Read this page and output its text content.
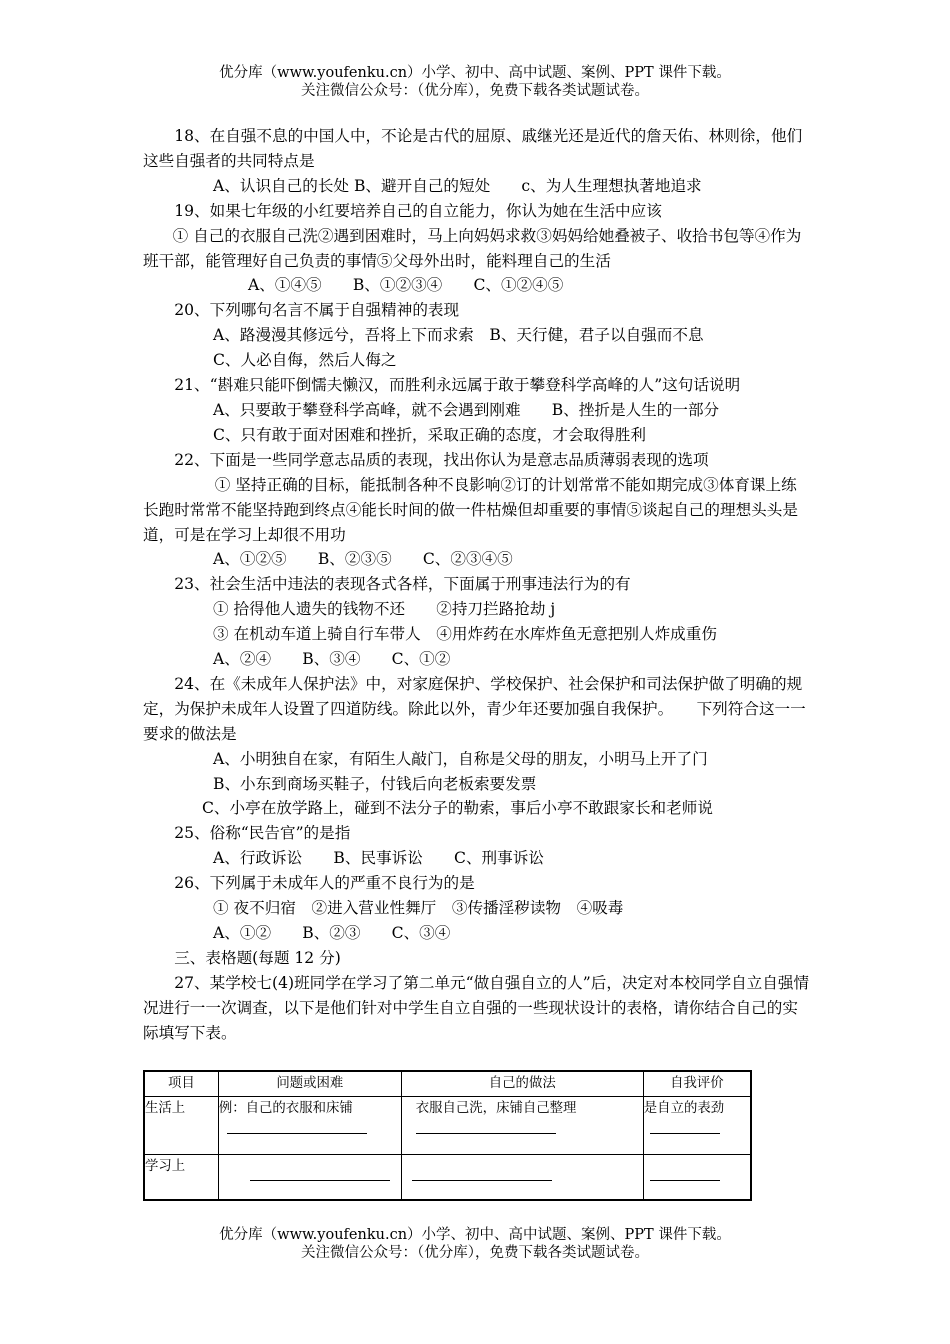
优分库（www.youfenku.cn）小学、初中、高中试题、案例、PPT 课件下载。
关注微信公众号：（优分库），免费下载各类试题试卷。

18、在自强不息的中国人中，不论是古代的屈原、戚继光还是近代的詹天佑、林则徐，他们这些自强者的共同特点是

A、认识自己的长处 B、避开自己的短处　　c、为人生理想执著地追求

19、如果七年级的小红要培养自己的自立能力，你认为她在生活中应该

① 自己的衣服自己洗②遇到困难时，马上向妈妈求救③妈妈给她叠被子、收拾书包等④作为班干部，能管理好自己负责的事情⑤父母外出时，能料理自己的生活

A、①④⑤　　B、①②③④　　C、①②④⑤

20、下列哪句名言不属于自强精神的表现

A、路漫漫其修远兮，吾将上下而求索　B、天行健，君子以自强而不息

C、人必自侮，然后人侮之

21、“斟难只能吓倒懦夫懒汉，而胜利永远属于敢于攀登科学高峰的人”这句话说明

A、只要敢于攀登科学高峰，就不会遇到刚难　　B、挫折是人生的一部分

C、只有敢于面对困难和挫折，采取正确的态度，才会取得胜利

22、下面是一些同学意志品质的表现，找出你认为是意志品质薄弱表现的选项

① 坚持正确的目标，能抵制各种不良影响②订的计划常常不能如期完成③体育课上练长跑时常常不能坚持跑到终点④能长时间的做一件枯燥但却重要的事情⑤谈起自己的理想头头是道，可是在学习上却很不用功

A、①②⑤　　B、②③⑤　　C、②③④⑤

23、社会生活中违法的表现各式各样，下面属于刑事违法行为的有

① 拾得他人遗失的钱物不还　　②持刀拦路抢劫 j

③ 在机动车道上骑自行车带人　④用炸药在水库炸鱼无意把别人炸成重伤

A、②④　　B、③④　　C、①②

24、在《未成年人保护法》中，对家庭保护、学校保护、社会保护和司法保护做了明确的规定，为保护未成年人设置了四道防线。除此以外，青少年还要加强自我保护。　　下列符合这一一要求的做法是

A、小明独自在家，有陌生人敲门，自称是父母的朋友，小明马上开了门

B、小东到商场买鞋子，付钱后向老板索要发票

C、小亭在放学路上，碰到不法分子的勒索，事后小亭不敢跟家长和老师说

25、俗称“民告官”的是指

A、行政诉讼　　B、民事诉讼　　C、刑事诉讼

26、下列属于未成年人的严重不良行为的是

① 夜不归宿　②进入营业性舞厅　③传播淫秽读物　④吸毒

A、①②　　B、②③　　C、③④

三、表格题(每题 12 分)

27、某学校七(4)班同学在学习了第二单元“做自强自立的人”后，决定对本校同学自立自强情况进行一一次调查，以下是他们针对中学生自立自强的一些现状设计的表格，请你结合自己的实际填写下表。

项目	问题或困难	自己的做法	自我评价
生活上	例：自己的衣服和床铺	衣服自己洗，床铺自己整理	是自立的表劲

学习上	

优分库（www.youfenku.cn）小学、初中、高中试题、案例、PPT 课件下载。
关注微信公众号：（优分库），免费下载各类试题试卷。
